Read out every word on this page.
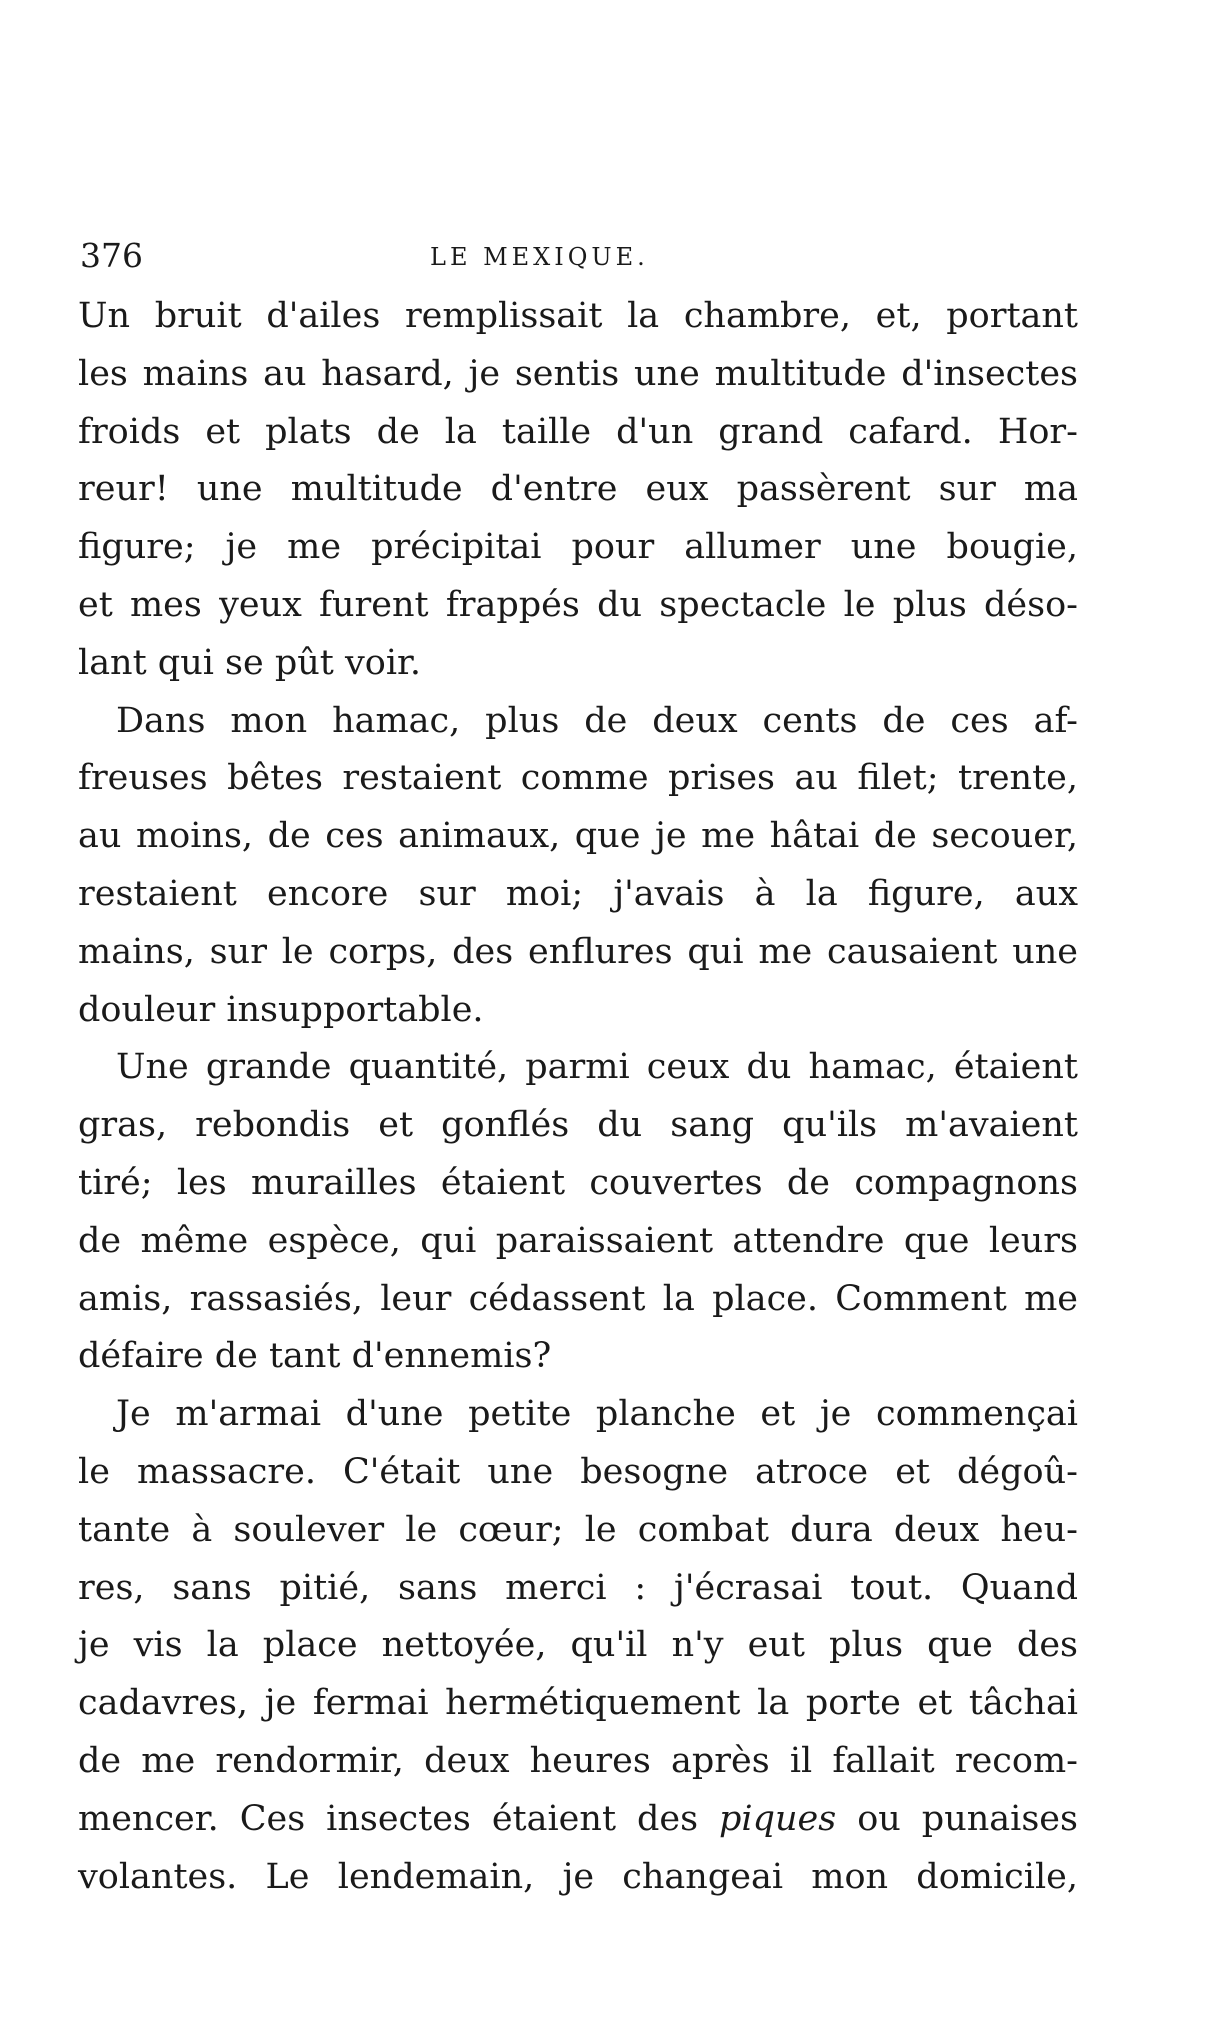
376	LE MEXIQUE.

Un bruit d'ailes remplissait la chambre, et, portant
les mains au hasard, je sentis une multitude d'insectes
froids et plats de la taille d'un grand cafard. Hor-
reur! une multitude d'entre eux passèrent sur ma
figure; je me précipitai pour allumer une bougie,
et mes yeux furent frappés du spectacle le plus déso-
lant qui se pût voir.

Dans mon hamac, plus de deux cents de ces af-
freuses bêtes restaient comme prises au filet; trente,
au moins, de ces animaux, que je me hâtai de secouer,
restaient encore sur moi; j'avais à la figure, aux
mains, sur le corps, des enflures qui me causaient une
douleur insupportable.

Une grande quantité, parmi ceux du hamac, étaient
gras, rebondis et gonflés du sang qu'ils m'avaient
tiré; les murailles étaient couvertes de compagnons
de même espèce, qui paraissaient attendre que leurs
amis, rassasiés, leur cédassent la place. Comment me
défaire de tant d'ennemis?

Je m'armai d'une petite planche et je commençai
le massacre. C'était une besogne atroce et dégoû-
tante à soulever le cœur; le combat dura deux heu-
res, sans pitié, sans merci : j'écrasai tout. Quand
je vis la place nettoyée, qu'il n'y eut plus que des
cadavres, je fermai hermétiquement la porte et tâchai
de me rendormir, deux heures après il fallait recom-
mencer. Ces insectes étaient des piques ou punaises
volantes. Le lendemain, je changeai mon domicile,
